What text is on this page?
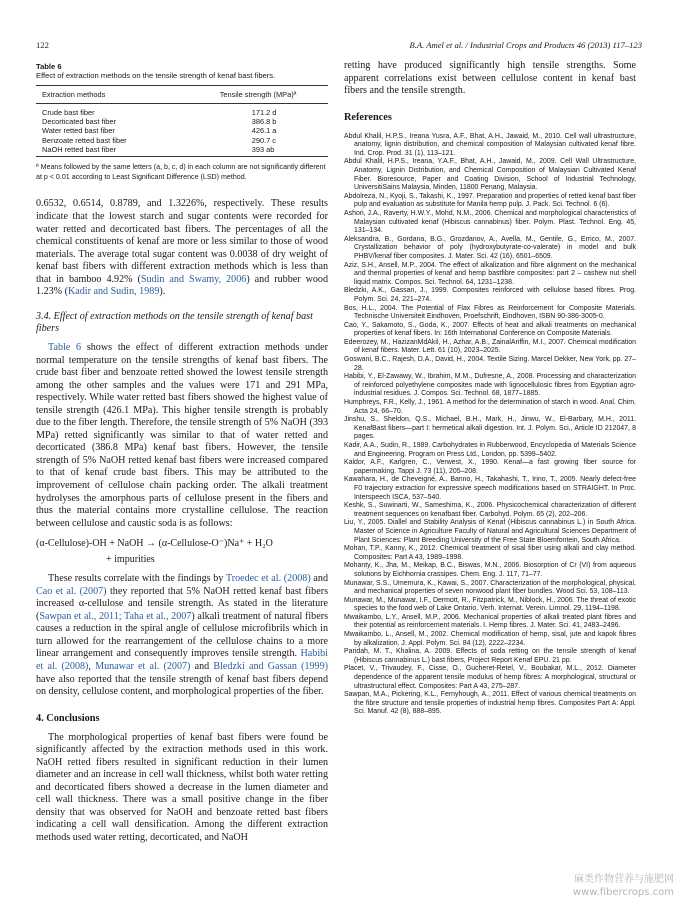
122	B.A. Amel et al. / Industrial Crops and Products 46 (2013) 117–123
Table 6
Effect of extraction methods on the tensile strength of kenaf bast fibers.
Extraction methods	Tensile strength (MPa)ª
Crude bast fiber	171.2 d
Decorticated bast fiber	386.8 b
Water retted bast fiber	426.1 a
Benzoate retted bast fiber	290.7 c
NaOH retted bast fiber	393 ab
ª Means followed by the same letters (a, b, c, d) in each column are not significantly different at p < 0.01 according to Least Significant Difference (LSD) method.

0.6532, 0.6514, 0.8789, and 1.3226%, respectively. These results indicate that the lowest starch and sugar contents were recorded for water retted and decorticated bast fibers. The percentages of all the chemical constituents of kenaf are more or less similar to those of wood materials. The average total sugar content was 0.0038 of dry weight of kenaf bast fibers with different extraction methods which is less than that in bamboo 4.92% (Sudin and Swamy, 2006) and rubber wood 1.23% (Kadir and Sudin, 1989).

3.4. Effect of extraction methods on the tensile strength of kenaf bast fibers

Table 6 shows the effect of different extraction methods under normal temperature on the tensile strengths of kenaf bast fibers. The crude bast fiber and benzoate retted showed the lowest tensile strength among the other samples and the values were 171 and 291 MPa, respectively. While water retted bast fibers showed the highest value of tensile strength (426.1 MPa). This higher tensile strength is probably due to the fiber length. Therefore, the tensile strength of 5% NaOH (393 MPa) retted significantly was similar to that of water retted and decorticated (386.8 MPa) kenaf bast fibers. However, the tensile strength of 5% NaOH retted kenaf bast fibers were increased compared to that of kenaf crude bast fibers. This may be attributed to the improvement of cellulose chain packing order. The alkali treatment hydrolyses the amorphous parts of cellulose present in the fibers and thus the material contains more crystalline cellulose. The reaction between cellulose and caustic soda is as follows:

(α-Cellulose)-OH + NaOH → (α-Cellulose-O⁻)Na⁺ + H₂O
+ impurities

These results correlate with the findings by Troedec et al. (2008) and Cao et al. (2007) they reported that 5% NaOH retted kenaf bast fibers increased α-cellulose and tensile strength. As stated in the literature (Sawpan et al., 2011; Taha et al., 2007) alkali treatment of natural fibers causes a reduction in the spiral angle of cellulose microfibrils which in turn allowed for the rearrangement of the cellulose chains to a more linear arrangement and consequently improves tensile strength. Habibi et al. (2008), Munawar et al. (2007) and Bledzki and Gassan (1999) have also reported that the tensile strength of kenaf bast fibers depend on density, cellulose content, and morphological properties of the fiber.

4. Conclusions

The morphological properties of kenaf bast fibers were found be significantly affected by the extraction methods used in this work. NaOH retted fibers resulted in significant reduction in their lumen diameter and an increase in cell wall thickness, whilst both water retting and decorticated fibers showed a decrease in the lumen diameter and cell wall thickness. There was a small positive change in the fiber density that was observed for NaOH and benzoate retted bast fibers indicating a cell wall densification. Among the different extraction methods used water retting, decorticated, and NaOH

retting have produced significantly high tensile strengths. Some apparent correlations exist between cellulose content in kenaf bast fibers and the tensile strength.

References
Abdul Khalil, H.P.S., Ireana Yusra, A.F., Bhat, A.H., Jawaid, M., 2010. Cell wall ultrastructure, anatomy, lignin distribution, and chemical composition of Malaysian cultivated kenaf fibre. Ind. Crop. Prod. 31 (1), 113–121.
Abdul Khalil, H.P.S., Ireana, Y.A.F., Bhat, A.H., Jawaid, M., 2009. Cell Wall Ultrastructure, Anatomy, Lignin Distribution, and Chemical Composition of Malaysian Cultivated Kenaf Fiber. Bioresource, Paper and Coating Division, School of Industrial Technology, UniversitiSains Malaysia, Minden, 11800 Penang, Malaysia.
Abdolreza, N., Kyoji, S., Takashi, K., 1997. Preparation and properties of retted kenaf bast fiber pulp and evaluation as substitute for Manila hemp pulp. J. Pack. Sci. Technol. 6 (6).
Ashori, J.A., Raverty, H.W.Y., Mohd, N.M., 2006. Chemical and morphological characteristics of Malaysian cultivated kenaf (Hibiscus cannabinus) fiber. Polym. Plast. Technol. Eng. 45, 131–134.
Aleksandra, B., Gordana, B.G., Grozdanov, A., Avella, M., Gentile, G., Errico, M., 2007. Crystallization behavior of poly (hydroxybutyrate-co-valerate) in model and bulk PHBV/kenaf fiber composites. J. Mater. Sci. 42 (16), 6501–6509.
Aziz, S.H., Ansell, M.P., 2004. The effect of alkalization and fibre alignment on the mechanical and thermal properties of kenaf and hemp bastfibre composites: part 2 – cashew nut shell liquid matrix. Compos. Sci. Technol. 64, 1231–1238.
Bledzki, A.K., Gassan, J., 1999. Composites reinforced with cellulose based fibres. Prog. Polym. Sci. 24, 221–274.
Bos, H.L., 2004. The Potential of Flax Fibres as Reinforcement for Composite Materials. Technische Universiteit Eindhoven, Proefschrift, Eindhoven, ISBN 90-386-3005-0.
Cao, Y., Sakamoto, S., Goda, K., 2007. Effects of heat and alkali treatments on mechanical properties of kenaf fibers. In: 16th International Conference on Composite Materials.
Edeerozey, M., HazizanMdAkil, H., Azhar, A.B., ZainalAriffin, M.I., 2007. Chemical modification of kenaf fibers. Mater. Lett. 61 (10), 2023–2025.
Goswani, B.C., Rajesh, D.A., David, H., 2004. Textile Sizing. Marcel Dekker, New York, pp. 27–28.
Habibi, Y., El-Zawawy, W., Ibrahim, M.M., Dufresne, A., 2008. Processing and characterization of reinforced polyethylene composites made with lignocellulosic fibres from Egyptian agro-industrial residues. J. Compos. Sci. Technol. 68, 1877–1885.
Humphreys, F.R., Kelly, J., 1961. A method for the determination of starch in wood. Anal. Chim. Acta 24, 66–70.
Jinshu, S., Sheldon, Q.S., Michael, B.H., Mark, H., Jinwu, W., El-Barbary, M.H., 2011. KenafBast fibers—part I: hermetical alkali digestion. Int. J. Polym. Sci., Article ID 212047, 8 pages.
Kadir, A.A., Sudin, R., 1989. Carbohydrates in Rubberwood, Encyclopedia of Materials Science and Engineering. Program on Press Ltd., London, pp. 5399–5402.
Kaldor, A.F., Karlgren, C., Verwest, X., 1990. Kenaf—a fast growing fiber source for papermaking. Tappi J. 73 (11), 205–208.
Kawahara, H., de Cheveigné, A., Banno, H., Takahashi, T., Irino, T., 2005. Nearly defect-free F0 trajectory extraction for expressive speech modifications based on STRAIGHT. In Proc. Interspeech ISCA, 537–540.
Keshk, S., Suwinarti, W., Sameshima, K., 2006. Physicochemical characterization of different treatment sequences on kenafbast fiber. Carbohyd. Polym. 65 (2), 202–206.
Liu, Y., 2005. Diallel and Stability Analysis of Kenaf (Hibiscus cannabinus L.) in South Africa. Master of Science in Agriculture Faculty of Natural and Agricultural Sciences Department of Plant Sciences: Plant Breeding University of the Free State Bloemfontein, South Africa.
Mohan, T.P., Kanny, K., 2012. Chemical treatment of sisal fiber using alkali and clay method. Composites: Part A 43, 1989–1998.
Mohanty, K., Jha, M., Meikap, B.C., Biswas, M.N., 2006. Biosorption of Cr (VI) from aqueous solutions by Eichhornia crassipes. Chem. Eng. J. 117, 71–77.
Munawar, S.S., Umemura, K., Kawai, S., 2007. Characterization of the morphological, physical, and mechanical properties of seven nonwood plant fiber bundles. Wood Sci. 53, 108–113.
Munawar, M., Munawar, I.F., Dermott, R., Fitzpatrick, M., Niblock, H., 2006. The threat of exotic species to the food web of Lake Ontario. Verh. Internat. Verein. Limnol. 29, 1194–1198.
Mwaikambo, L.Y., Ansell, M.P., 2006. Mechanical properties of alkali treated plant fibres and their potential as reinforcement materials. I. Hemp fibres. J. Mater. Sci. 41, 2483–2496.
Mwaikambo, L., Ansell, M., 2002. Chemical modification of hemp, sisal, jute and kapok fibres by alkalization. J. Appl. Polym. Sci. 84 (12), 2222–2234.
Paridah, M. T., Khalina, A. 2009. Effects of soda retting on the tensile strength of kenaf (Hibiscus cannabinus L.) bast fibers, Project Report Kenaf EPU. 21 pp.
Placet, V., Trivaudey, F., Cisse, O., Gucheret-Retel, V., Boubakar, M.L., 2012. Diameter dependence of the apparent tensile modulus of hemp fibres: A morphological, structural or ultrastructural effect. Composites: Part A 43, 275–287.
Sawpan, M.A., Pickering, K.L., Fernyhough, A., 2011. Effect of various chemical treatments on the fibre structure and tensile properties of industrial hemp fibres. Composites Part A: Appl. Sci. Manuf. 42 (8), 888–895.
麻类作物营养与施肥网
www.fibercrops.com
